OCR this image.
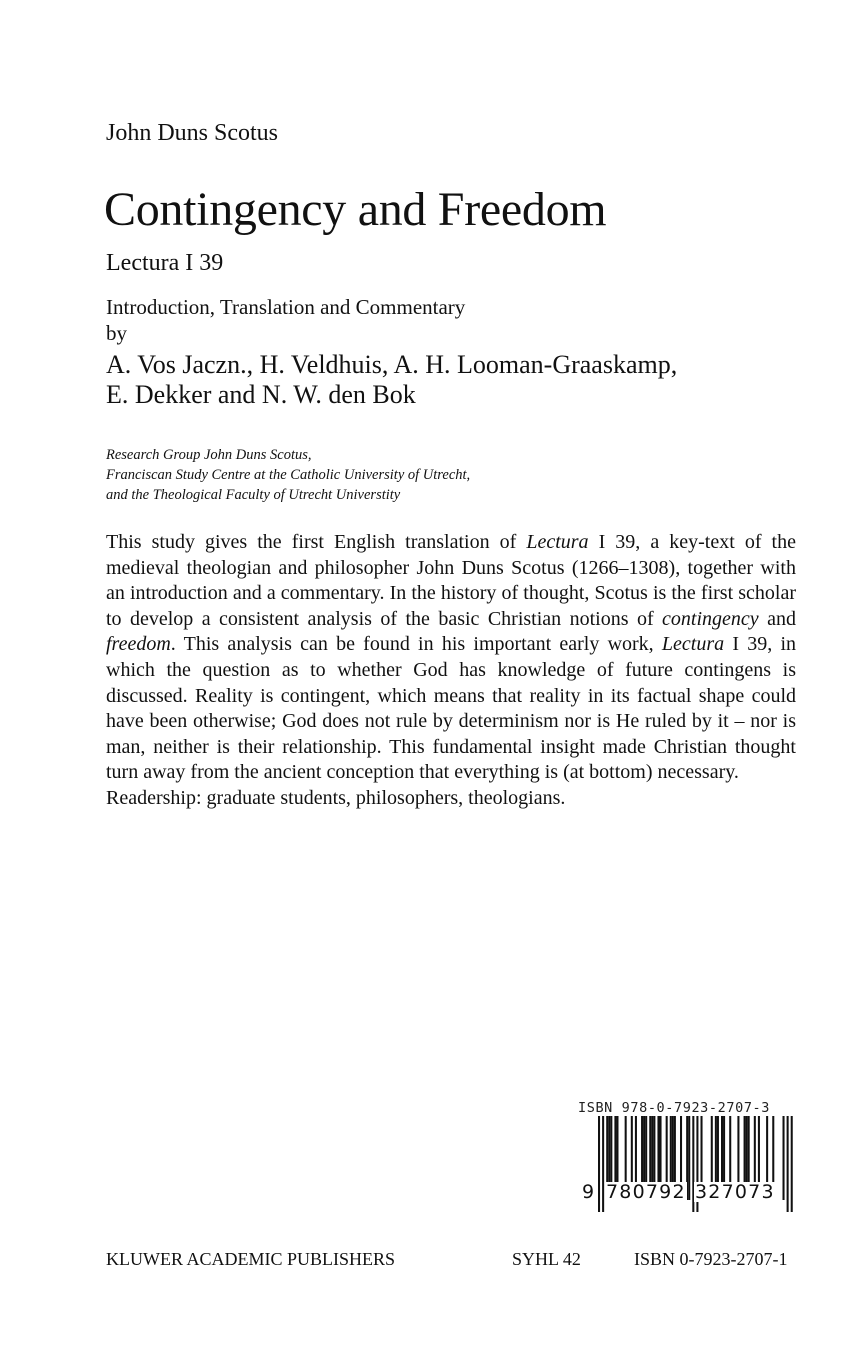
John Duns Scotus
Contingency and Freedom
Lectura I 39
Introduction, Translation and Commentary
by
A. Vos Jaczn., H. Veldhuis, A. H. Looman-Graaskamp,
E. Dekker and N. W. den Bok
Research Group John Duns Scotus,
Franciscan Study Centre at the Catholic University of Utrecht,
and the Theological Faculty of Utrecht Universtity

This study gives the first English translation of Lectura I 39, a key-text of the medieval theologian and philosopher John Duns Scotus (1266–1308), together with an introduction and a commentary. In the history of thought, Scotus is the first scholar to develop a consistent analysis of the basic Christian notions of contingency and freedom. This analysis can be found in his important early work, Lectura I 39, in which the question as to whether God has knowledge of future contingens is discussed. Reality is contingent, which means that reality in its factual shape could have been otherwise; God does not rule by determinism nor is He ruled by it – nor is man, neither is their relationship. This fundamental insight made Christian thought turn away from the ancient conception that everything is (at bottom) necessary.

Readership: graduate students, philosophers, theologians.

ISBN 978-0-7923-2707-3
9 780792 327073
KLUWER ACADEMIC PUBLISHERS	SYHL 42	ISBN 0-7923-2707-1
